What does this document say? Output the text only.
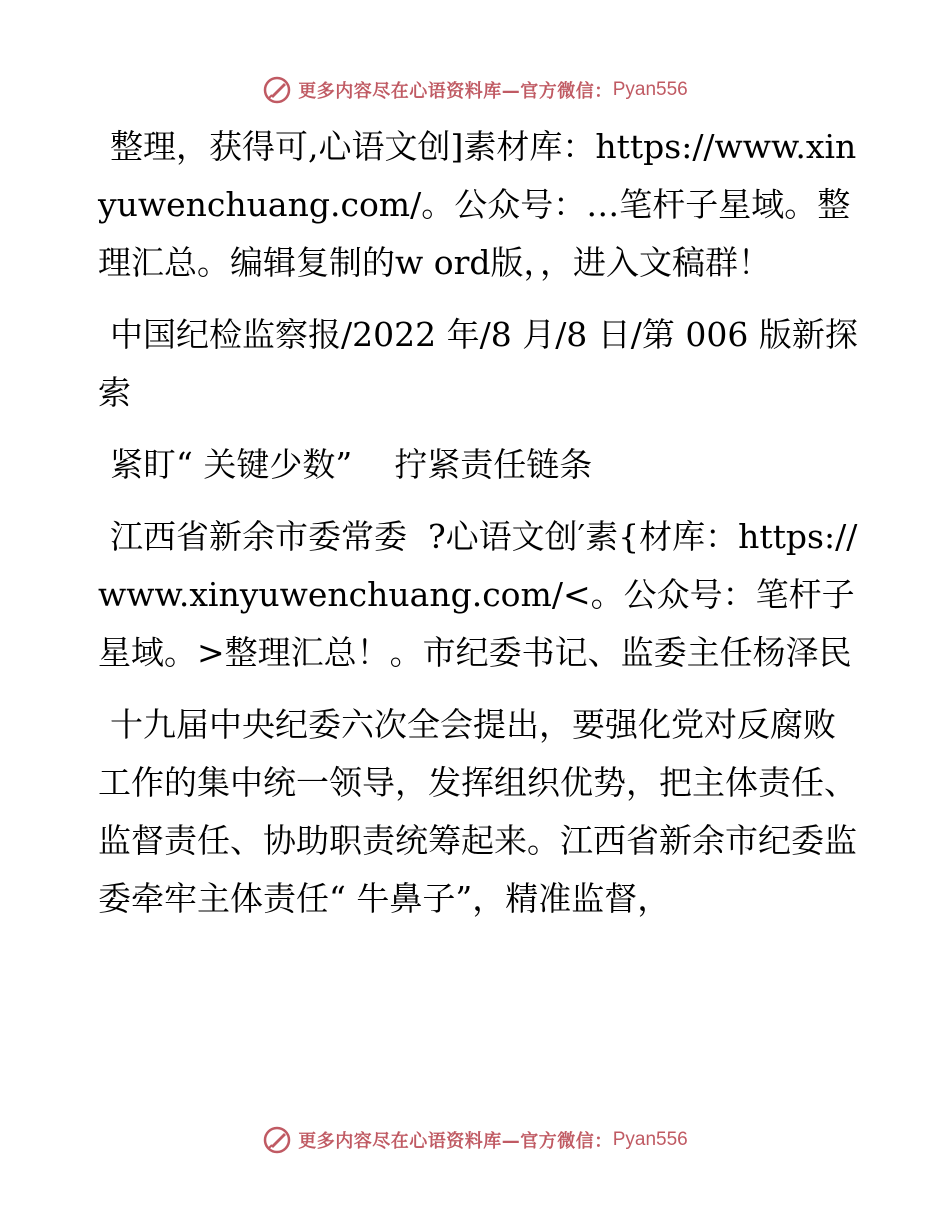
更多内容尽在心语资料库—官方微信： Pyan556

整理，获得可,心语文创]素材库：https://www.xinyuwenchuang.com/。公众号：…笔杆子星域。整理汇总。编辑复制的w ord版，，进入文稿群！

中国纪检监察报/2022 年/8 月/8 日/第 006 版新探索

紧盯“ 关键少数”    拧紧责任链条

江西省新余市委常委  ?心语文创′素{材库：https://www.xinyuwenchuang.com/<。公众号：笔杆子星域。>整理汇总！。市纪委书记、监委主任杨泽民

十九届中央纪委六次全会提出，要强化党对反腐败工作的集中统一领导，发挥组织优势，把主体责任、监督责任、协助职责统筹起来。江西省新余市纪委监委牵牢主体责任“ 牛鼻子”，精准监督，

更多内容尽在心语资料库—官方微信： Pyan556
